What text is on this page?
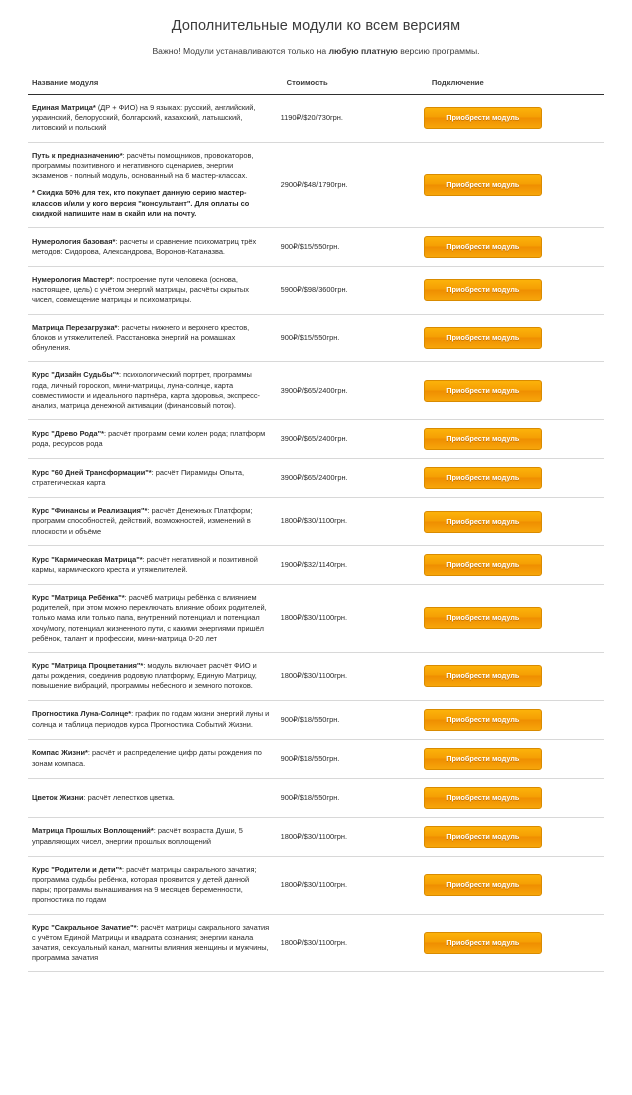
Дополнительные модули ко всем версиям

Важно! Модули устанавливаются только на любую платную версию программы.

Название модуля	Стоимость	Подключение
Единая Матрица* (ДР + ФИО) на 9 языках: русский, английский, украинский, белорусский, болгарский, казахский, латышский, литовский и польский	1190₽/$20/730грн.	Приобрести модуль
Путь к предназначению*: расчёты помощников, провокаторов, программы позитивного и негативного сценариев, энергии экзаменов - полный модуль, основанный на 6 мастер-классах.
* Скидка 50% для тех, кто покупает данную серию мастер-классов и/или у кого версия "консультант". Для оплаты со скидкой напишите нам в скайп или на почту.	2900₽/$48/1790грн.	Приобрести модуль
Нумерология базовая*: расчеты и сравнение психоматриц трёх методов: Сидорова, Александрова, Воронов-Катаназва.	900₽/$15/550грн.	Приобрести модуль
Нумерология Мастер*: построение пути человека (основа, настоящее, цель) с учётом энергий матрицы, расчёты скрытых чисел, совмещение матрицы и психоматрицы.	5900₽/$98/3600грн.	Приобрести модуль
Матрица Перезагрузка*: расчеты нижнего и верхнего крестов, блоков и утяжелителей. Расстановка энергий на ромашках обнуления.	900₽/$15/550грн.	Приобрести модуль
Курс "Дизайн Судьбы"*: психологический портрет, программы года, личный гороскоп, мини-матрицы, луна-солнце, карта совместимости и идеального партнёра, карта здоровья, экспресс-анализ, матрица денежной активации (финансовый поток).	3900₽/$65/2400грн.	Приобрести модуль
Курс "Древо Рода"*: расчёт программ семи колен рода; платформ рода, ресурсов рода	3900₽/$65/2400грн.	Приобрести модуль
Курс "60 Дней Трансформации"*: расчёт Пирамиды Опыта, стратегическая карта	3900₽/$65/2400грн.	Приобрести модуль
Курс "Финансы и Реализация"*: расчёт Денежных Платформ; программ способностей, действий, возможностей, изменений в плоскости и объёме	1800₽/$30/1100грн.	Приобрести модуль
Курс "Кармическая Матрица"*: расчёт негативной и позитивной кармы, кармического креста и утяжелителей.	1900₽/$32/1140грн.	Приобрести модуль
Курс "Матрица Ребёнка"*: расчёб матрицы ребёнка с влиянием родителей, при этом можно переключать влияние обоих родителей, только мама или только папа, внутренний потенциал и потенциал хочу/могу, потенциал жизненного пути, с какими энергиями пришёл ребёнок, талант и профессии, мини-матрица 0-20 лет	1800₽/$30/1100грн.	Приобрести модуль
Курс "Матрица Процветания"*: модуль включает расчёт ФИО и даты рождения, соединив родовую платформу, Единую Матрицу, повышение вибраций, программы небесного и земного потоков.	1800₽/$30/1100грн.	Приобрести модуль
Прогностика Луна-Солнце*: график по годам жизни энергий луны и солнца и таблица периодов курса Прогностика Событий Жизни.	900₽/$18/550грн.	Приобрести модуль
Компас Жизни*: расчёт и распределение цифр даты рождения по зонам компаса.	900₽/$18/550грн.	Приобрести модуль
Цветок Жизни: расчёт лепестков цветка.	900₽/$18/550грн.	Приобрести модуль
Матрица Прошлых Воплощений*: расчёт возраста Души, 5 управляющих чисел, энергии прошлых воплощений	1800₽/$30/1100грн.	Приобрести модуль
Курс "Родители и дети"*: расчёт матрицы сакрального зачатия; программа судьбы ребёнка, которая проявится у детей данной пары; программы вынашивания на 9 месяцев беременности, прогностика по годам	1800₽/$30/1100грн.	Приобрести модуль
Курс "Сакральное Зачатие"*: расчёт матрицы сакрального зачатия с учётом Единой Матрицы и квадрата сознания; энергии канала зачатия, сексуальный канал, магниты влияния женщины и мужчины, программа зачатия	1800₽/$30/1100грн.	Приобрести модуль
